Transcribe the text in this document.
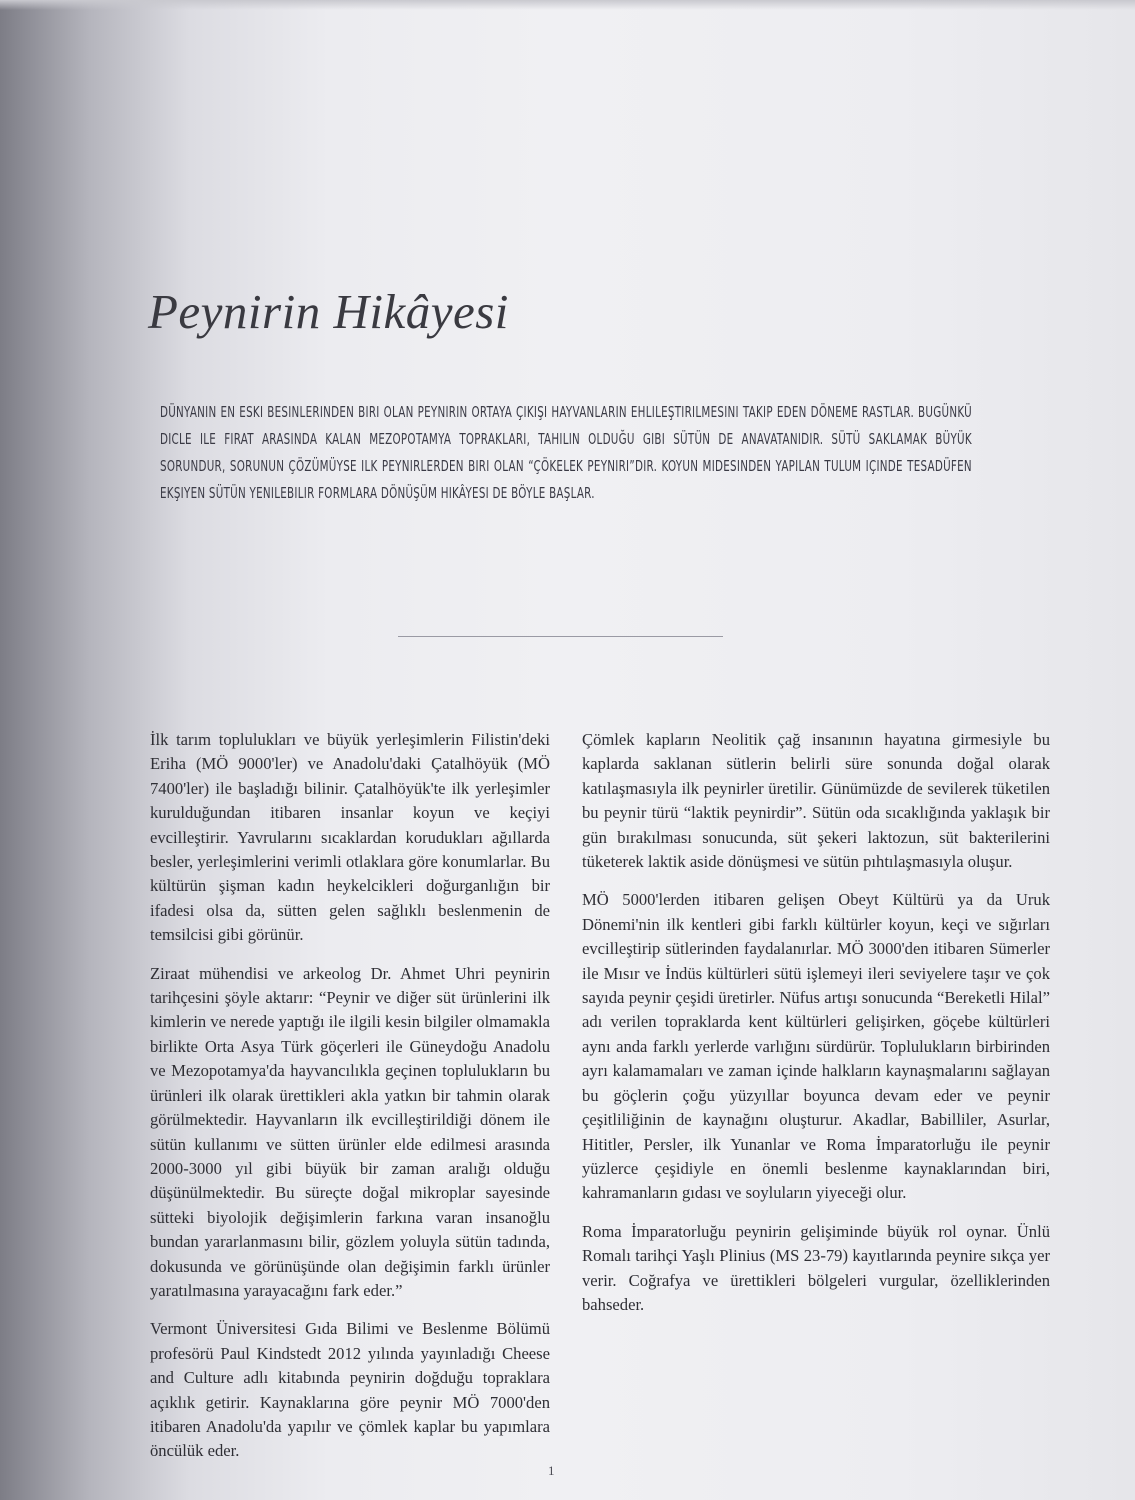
Peynirin Hikâyesi

DÜNYANIN EN ESKI BESINLERINDEN BIRI OLAN PEYNIRIN ORTAYA ÇIKIŞI HAYVANLARIN EHLILEŞTIRILMESINI TAKIP EDEN DÖNEME RASTLAR. BUGÜNKÜ DICLE ILE FIRAT ARASINDA KALAN MEZOPOTAMYA TOPRAKLARI, TAHILIN OLDUĞU GIBI SÜTÜN DE ANAVATANIDIR. SÜTÜ SAKLAMAK BÜYÜK SORUNDUR, SORUNUN ÇÖZÜMÜYSE ILK PEYNIRLERDEN BIRI OLAN “ÇÖKELEK PEYNIRI”DIR. KOYUN MIDESINDEN YAPILAN TULUM IÇINDE TESADÜFEN EKŞIYEN SÜTÜN YENILEBILIR FORMLARA DÖNÜŞÜM HIKÂYESI DE BÖYLE BAŞLAR.

İlk tarım toplulukları ve büyük yerleşimlerin Filistin'deki Eriha (MÖ 9000'ler) ve Anadolu'daki Çatalhöyük (MÖ 7400'ler) ile başladığı bilinir. Çatalhöyük'te ilk yerleşimler kurulduğundan itibaren insanlar koyun ve keçiyi evcilleştirir. Yavrularını sıcaklardan korudukları ağıllarda besler, yerleşimlerini verimli otlaklara göre konumlarlar. Bu kültürün şişman kadın heykelcikleri doğurganlığın bir ifadesi olsa da, sütten gelen sağlıklı beslenmenin de temsilcisi gibi görünür.

Ziraat mühendisi ve arkeolog Dr. Ahmet Uhri peynirin tarihçesini şöyle aktarır: “Peynir ve diğer süt ürünlerini ilk kimlerin ve nerede yaptığı ile ilgili kesin bilgiler olmamakla birlikte Orta Asya Türk göçerleri ile Güneydoğu Anadolu ve Mezopotamya'da hayvancılıkla geçinen toplulukların bu ürünleri ilk olarak ürettikleri akla yatkın bir tahmin olarak görülmektedir. Hayvanların ilk evcilleştirildiği dönem ile sütün kullanımı ve sütten ürünler elde edilmesi arasında 2000-3000 yıl gibi büyük bir zaman aralığı olduğu düşünülmektedir. Bu süreçte doğal mikroplar sayesinde sütteki biyolojik değişimlerin farkına varan insanoğlu bundan yararlanmasını bilir, gözlem yoluyla sütün tadında, dokusunda ve görünüşünde olan değişimin farklı ürünler yaratılmasına yarayacağını fark eder.”

Vermont Üniversitesi Gıda Bilimi ve Beslenme Bölümü profesörü Paul Kindstedt 2012 yılında yayınladığı Cheese and Culture adlı kitabında peynirin doğduğu topraklara açıklık getirir. Kaynaklarına göre peynir MÖ 7000'den itibaren Anadolu'da yapılır ve çömlek kaplar bu yapımlara öncülük eder.

Çömlek kapların Neolitik çağ insanının hayatına girmesiyle bu kaplarda saklanan sütlerin belirli süre sonunda doğal olarak katılaşmasıyla ilk peynirler üretilir. Günümüzde de sevilerek tüketilen bu peynir türü “laktik peynirdir”. Sütün oda sıcaklığında yaklaşık bir gün bırakılması sonucunda, süt şekeri laktozun, süt bakterilerini tüketerek laktik aside dönüşmesi ve sütün pıhtılaşmasıyla oluşur.

MÖ 5000'lerden itibaren gelişen Obeyt Kültürü ya da Uruk Dönemi'nin ilk kentleri gibi farklı kültürler koyun, keçi ve sığırları evcilleştirip sütlerinden faydalanırlar. MÖ 3000'den itibaren Sümerler ile Mısır ve İndüs kültürleri sütü işlemeyi ileri seviyelere taşır ve çok sayıda peynir çeşidi üretirler. Nüfus artışı sonucunda “Bereketli Hilal” adı verilen topraklarda kent kültürleri gelişirken, göçebe kültürleri aynı anda farklı yerlerde varlığını sürdürür. Toplulukların birbirinden ayrı kalamamaları ve zaman içinde halkların kaynaşmalarını sağlayan bu göçlerin çoğu yüzyıllar boyunca devam eder ve peynir çeşitliliğinin de kaynağını oluşturur. Akadlar, Babilliler, Asurlar, Hititler, Persler, ilk Yunanlar ve Roma İmparatorluğu ile peynir yüzlerce çeşidiyle en önemli beslenme kaynaklarından biri, kahramanların gıdası ve soyluların yiyeceği olur.

Roma İmparatorluğu peynirin gelişiminde büyük rol oynar. Ünlü Romalı tarihçi Yaşlı Plinius (MS 23-79) kayıtlarında peynire sıkça yer verir. Coğrafya ve ürettikleri bölgeleri vurgular, özelliklerinden bahseder.

1
